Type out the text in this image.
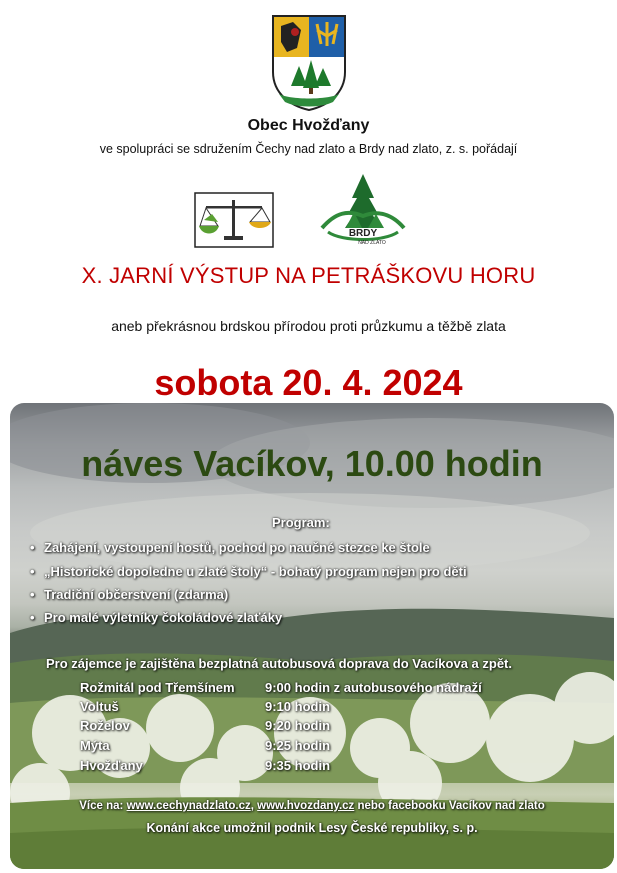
Obec Hvožďany
ve spolupráci se sdružením Čechy nad zlato a Brdy nad zlato, z. s. pořádají
BRDY
NAD ZLATO
X. JARNÍ VÝSTUP NA PETRÁŠKOVU HORU
aneb překrásnou brdskou přírodou proti průzkumu a těžbě zlata
sobota 20. 4. 2024
náves Vacíkov, 10.00 hodin
Program:
• Zahájení, vystoupení hostů, pochod po naučné stezce ke štole
• „Historické dopoledne u zlaté štoly“ - bohatý program nejen pro děti
• Tradiční občerstvení (zdarma)
• Pro malé výletníky čokoládové zlaťáky
Pro zájemce je zajištěna bezplatná autobusová doprava do Vacíkova a zpět.
Rožmitál pod Třemšínem 9:00 hodin z autobusového nádraží
Voltuš	9:10 hodin
Roželov	9:20 hodin
Mýta	9:25 hodin
Hvožďany	9:35 hodin
Více na: www.cechynadzlato.cz, www.hvozdany.cz nebo facebooku Vacíkov nad zlato
Konání akce umožnil podnik Lesy České republiky, s. p.
